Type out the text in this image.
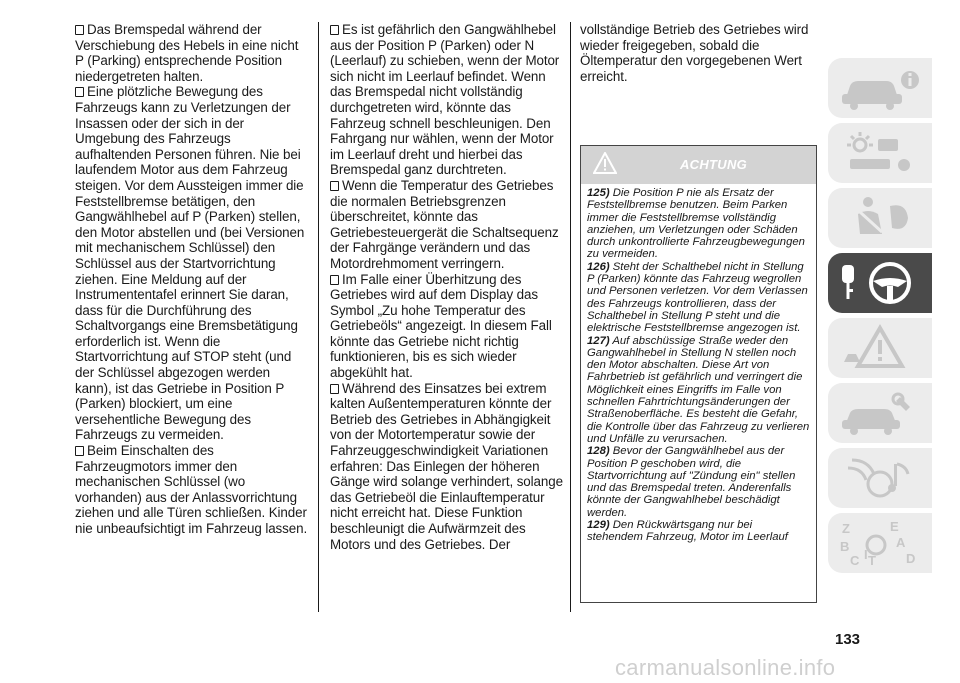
Das Bremspedal während der Verschiebung des Hebels in eine nicht P (Parking) entsprechende Position niedergetreten halten.

Eine plötzliche Bewegung des Fahrzeugs kann zu Verletzungen der Insassen oder der sich in der Umgebung des Fahrzeugs aufhaltenden Personen führen. Nie bei laufendem Motor aus dem Fahrzeug steigen. Vor dem Aussteigen immer die Feststellbremse betätigen, den Gangwählhebel auf P (Parken) stellen, den Motor abstellen und (bei Versionen mit mechanischem Schlüssel) den Schlüssel aus der Startvorrichtung ziehen. Eine Meldung auf der Instrumententafel erinnert Sie daran, dass für die Durchführung des Schaltvorgangs eine Bremsbetätigung erforderlich ist. Wenn die Startvorrichtung auf STOP steht (und der Schlüssel abgezogen werden kann), ist das Getriebe in Position P (Parken) blockiert, um eine versehentliche Bewegung des Fahrzeugs zu vermeiden.

Beim Einschalten des Fahrzeugmotors immer den mechanischen Schlüssel (wo vorhanden) aus der Anlassvorrichtung ziehen und alle Türen schließen. Kinder nie unbeaufsichtigt im Fahrzeug lassen.

Es ist gefährlich den Gangwählhebel aus der Position P (Parken) oder N (Leerlauf) zu schieben, wenn der Motor sich nicht im Leerlauf befindet. Wenn das Bremspedal nicht vollständig durchgetreten wird, könnte das Fahrzeug schnell beschleunigen. Den Fahrgang nur wählen, wenn der Motor im Leerlauf dreht und hierbei das Bremspedal ganz durchtreten.

Wenn die Temperatur des Getriebes die normalen Betriebsgrenzen überschreitet, könnte das Getriebesteuergerät die Schaltsequenz der Fahrgänge verändern und das Motordrehmoment verringern.

Im Falle einer Überhitzung des Getriebes wird auf dem Display das Symbol „Zu hohe Temperatur des Getriebeöls“ angezeigt. In diesem Fall könnte das Getriebe nicht richtig funktionieren, bis es sich wieder abgekühlt hat.

Während des Einsatzes bei extrem kalten Außentemperaturen könnte der Betrieb des Getriebes in Abhängigkeit von der Motortemperatur sowie der Fahrzeuggeschwindigkeit Variationen erfahren: Das Einlegen der höheren Gänge wird solange verhindert, solange das Getriebeöl die Einlauftemperatur nicht erreicht hat. Diese Funktion beschleunigt die Aufwärmzeit des Motors und des Getriebes. Der

vollständige Betrieb des Getriebes wird wieder freigegeben, sobald die Öltemperatur den vorgegebenen Wert erreicht.

ACHTUNG

125) Die Position P nie als Ersatz der Feststellbremse benutzen. Beim Parken immer die Feststellbremse vollständig anziehen, um Verletzungen oder Schäden durch unkontrollierte Fahrzeugbewegungen zu vermeiden.

126) Steht der Schalthebel nicht in Stellung P (Parken) könnte das Fahrzeug wegrollen und Personen verletzen. Vor dem Verlassen des Fahrzeugs kontrollieren, dass der Schalthebel in Stellung P steht und die elektrische Feststellbremse angezogen ist.

127) Auf abschüssige Straße weder den Gangwahlhebel in Stellung N stellen noch den Motor abschalten. Diese Art von Fahrbetrieb ist gefährlich und verringert die Möglichkeit eines Eingriffs im Falle von schnellen Fahrtrichtungsänderungen der Straßenoberfläche. Es besteht die Gefahr, die Kontrolle über das Fahrzeug zu verlieren und Unfälle zu verursachen.

128) Bevor der Gangwählhebel aus der Position P geschoben wird, die Startvorrichtung auf "Zündung ein" stellen und das Bremspedal treten. Anderenfalls könnte der Gangwahlhebel beschädigt werden.

129) Den Rückwärtsgang nur bei stehendem Fahrzeug, Motor im Leerlauf

133
carmanualsonline.info
Z	E
B	A
C	D
T
I
